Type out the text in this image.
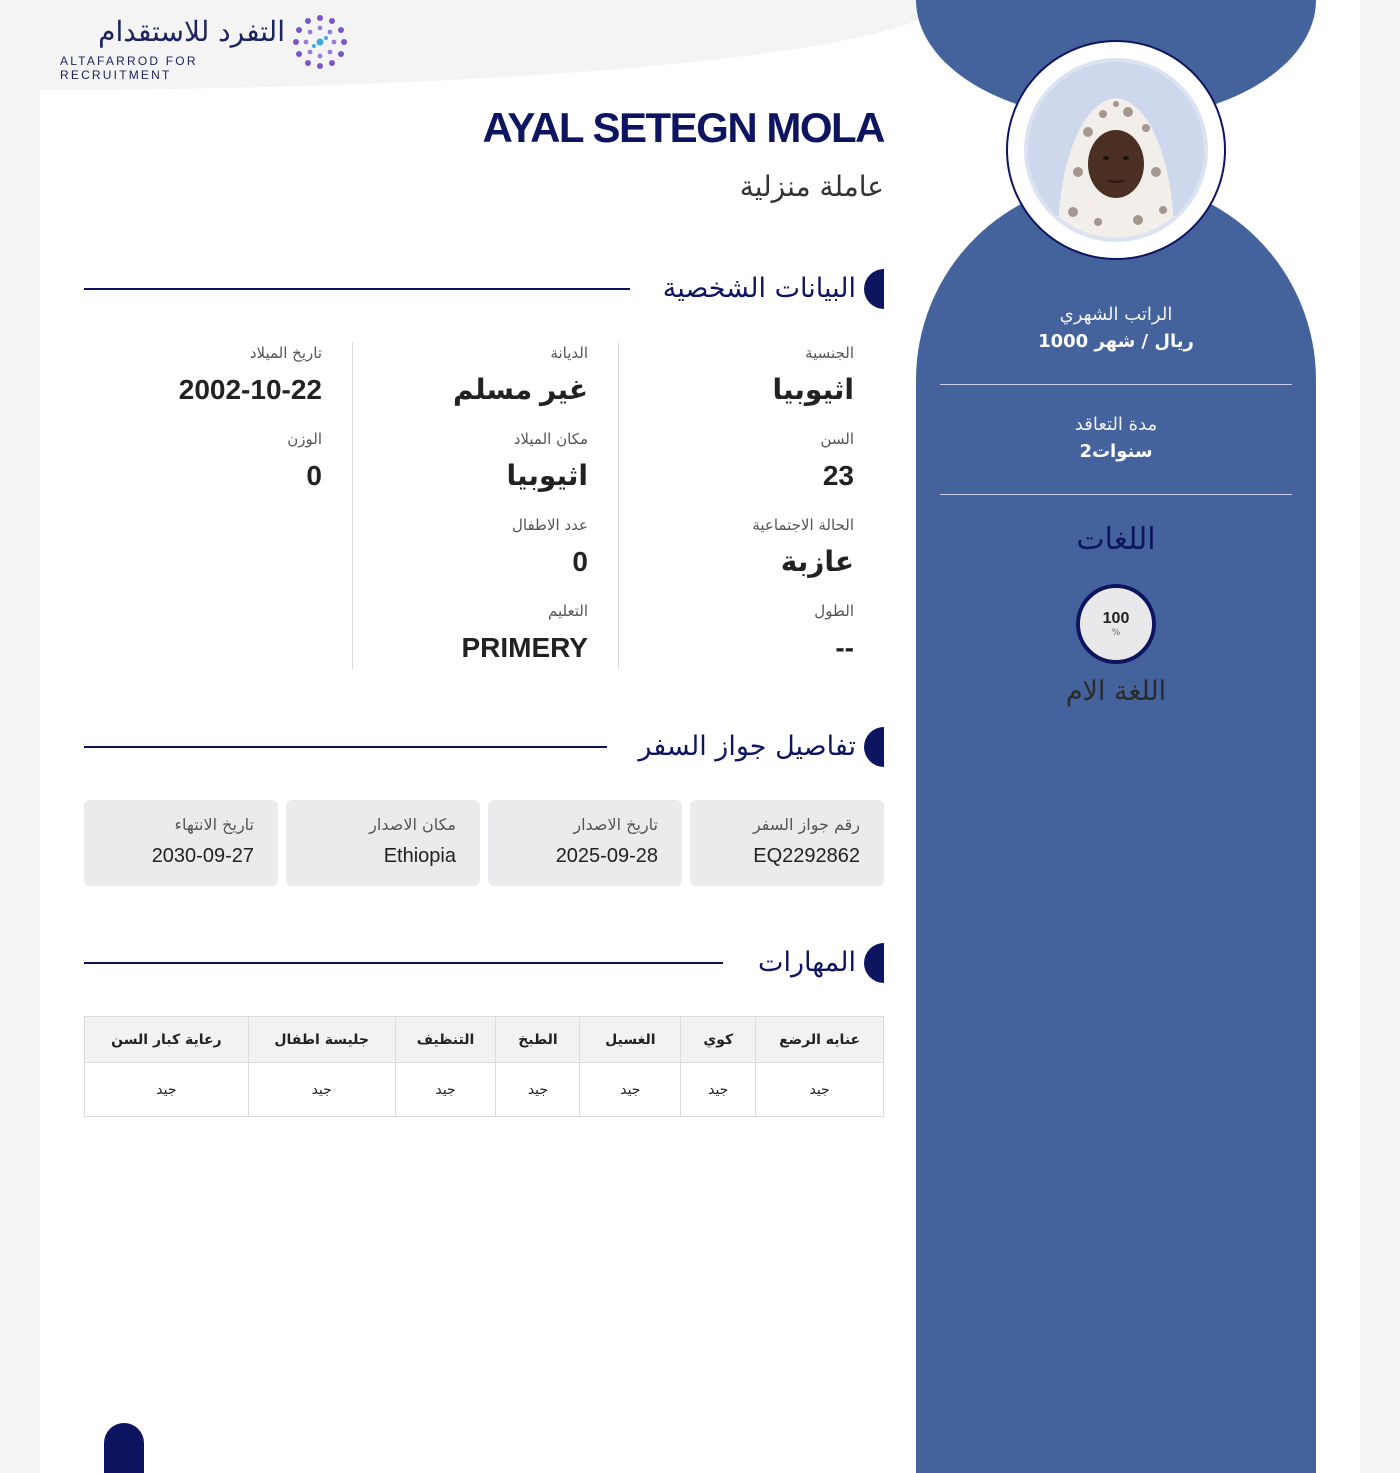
التفرد للاستقدام
ALTAFARROD FOR RECRUITMENT
الراتب الشهري
1000 ريال / شهر
مدة التعاقد
2سنوات
اللغات
100
%
اللغة الام
AYAL SETEGN MOLA
عاملة منزلية
البيانات الشخصية
الجنسية
اثيوبيا
السن
23
الحالة الاجتماعية
عازبة
الطول
--
الديانة
غير مسلم
مكان الميلاد
اثيوبيا
عدد الاطفال
0
التعليم
PRIMERY
تاريخ الميلاد
2002-10-22
الوزن
0
تفاصيل جواز السفر
رقم جواز السفر
EQ2292862
تاريخ الاصدار
2025-09-28
مكان الاصدار
Ethiopia
تاريخ الانتهاء
2030-09-27
المهارات
عنايه الرضع	كوي	الغسيل	الطبخ	التنظيف	جليسة اطفال	رعاية كبار السن
جيد	جيد	جيد	جيد	جيد	جيد	جيد
